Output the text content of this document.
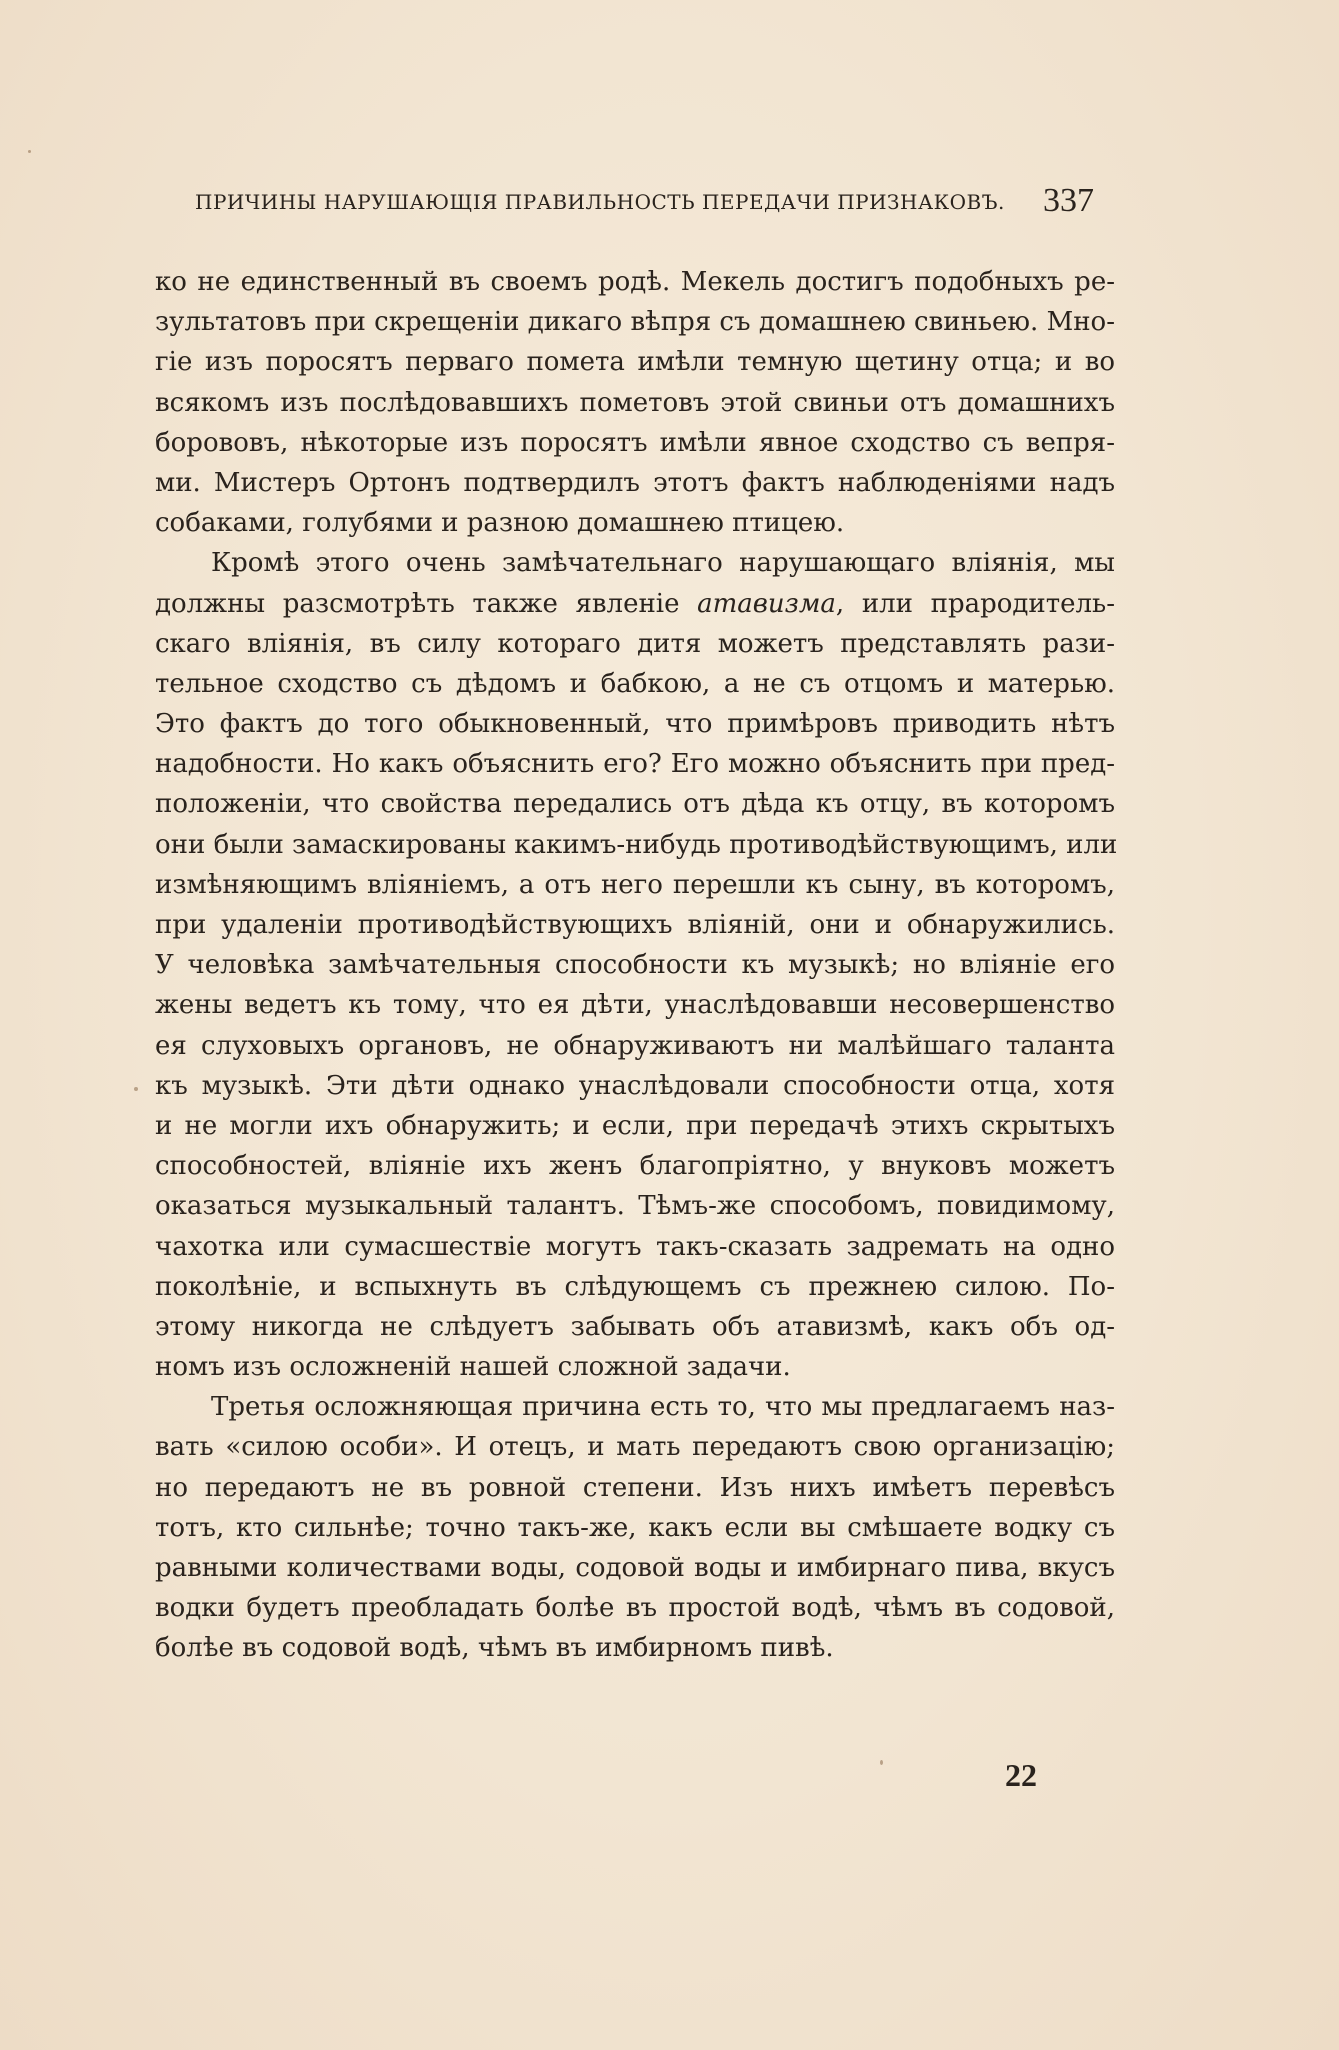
ПРИЧИНЫ НАРУШАЮЩІЯ ПРАВИЛЬНОСТЬ ПЕРЕДАЧИ ПРИЗНАКОВЪ. 337
ко не единственный въ своемъ родѣ. Мекель достигъ подобныхъ ре-
зультатовъ при скрещеніи дикаго вѣпря съ домашнею свиньею. Мно-
гіе изъ поросятъ перваго помета имѣли темную щетину отца; и во
всякомъ изъ послѣдовавшихъ пометовъ этой свиньи отъ домашнихъ
борововъ, нѣкоторые изъ поросятъ имѣли явное сходство съ вепря-
ми. Мистеръ Ортонъ подтвердилъ этотъ фактъ наблюденіями надъ
собаками, голубями и разною домашнею птицею.
Кромѣ этого очень замѣчательнаго нарушающаго вліянія, мы
должны разсмотрѣть также явленіе атавизма, или прародитель-
скаго вліянія, въ силу котораго дитя можетъ представлять рази-
тельное сходство съ дѣдомъ и бабкою, а не съ отцомъ и матерью.
Это фактъ до того обыкновенный, что примѣровъ приводить нѣтъ
надобности. Но какъ объяснить его? Его можно объяснить при пред-
положеніи, что свойства передались отъ дѣда къ отцу, въ которомъ
они были замаскированы какимъ-нибудь противодѣйствующимъ, или
измѣняющимъ вліяніемъ, а отъ него перешли къ сыну, въ которомъ,
при удаленіи противодѣйствующихъ вліяній, они и обнаружились.
У человѣка замѣчательныя способности къ музыкѣ; но вліяніе его
жены ведетъ къ тому, что ея дѣти, унаслѣдовавши несовершенство
ея слуховыхъ органовъ, не обнаруживаютъ ни малѣйшаго таланта
къ музыкѣ. Эти дѣти однако унаслѣдовали способности отца, хотя
и не могли ихъ обнаружить; и если, при передачѣ этихъ скрытыхъ
способностей, вліяніе ихъ женъ благопріятно, у внуковъ можетъ
оказаться музыкальный талантъ. Тѣмъ-же способомъ, повидимому,
чахотка или сумасшествіе могутъ такъ-сказать задремать на одно
поколѣніе, и вспыхнуть въ слѣдующемъ съ прежнею силою. По-
этому никогда не слѣдуетъ забывать объ атавизмѣ, какъ объ од-
номъ изъ осложненій нашей сложной задачи.
Третья осложняющая причина есть то, что мы предлагаемъ наз-
вать «силою особи». И отецъ, и мать передаютъ свою организацію;
но передаютъ не въ ровной степени. Изъ нихъ имѣетъ перевѣсъ
тотъ, кто сильнѣе; точно такъ-же, какъ если вы смѣшаете водку съ
равными количествами воды, содовой воды и имбирнаго пива, вкусъ
водки будетъ преобладать болѣе въ простой водѣ, чѣмъ въ содовой,
болѣе въ содовой водѣ, чѣмъ въ имбирномъ пивѣ.
22
